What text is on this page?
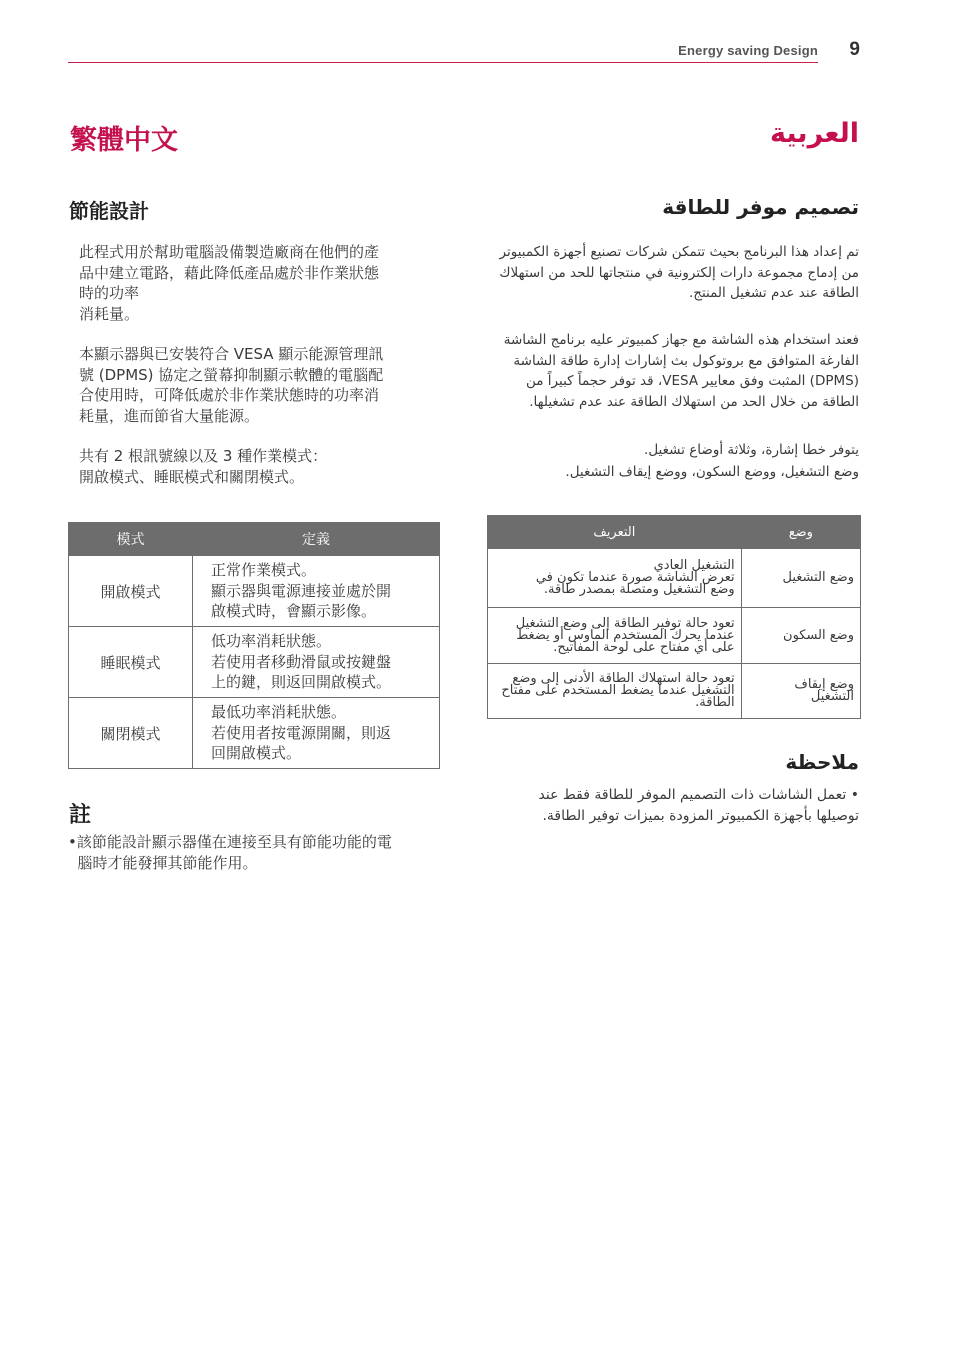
Energy saving Design 9
繁體中文
節能設計
此程式用於幫助電腦設備製造廠商在他們的產
品中建立電路，藉此降低產品處於非作業狀態
時的功率
消耗量。
本顯示器與已安裝符合 VESA 顯示能源管理訊
號 (DPMS) 協定之螢幕抑制顯示軟體的電腦配
合使用時，可降低處於非作業狀態時的功率消
耗量，進而節省大量能源。
共有 2 根訊號線以及 3 種作業模式：
開啟模式、睡眠模式和關閉模式。
模式	定義
開啟模式	正常作業模式。
顯示器與電源連接並處於開
啟模式時，會顯示影像。

睡眠模式	低功率消耗狀態。
若使用者移動滑鼠或按鍵盤
上的鍵，則返回開啟模式。

關閉模式	最低功率消耗狀態。
若使用者按電源開關，則返
回開啟模式。
註
•該節能設計顯示器僅在連接至具有節能功能的電
腦時才能發揮其節能作用。
العربية
تصميم موفر للطاقة
تم إعداد هذا البرنامج بحيث تتمكن شركات تصنيع أجهزة الكمبيوتر
من إدماج مجموعة دارات إلكترونية في منتجاتها للحد من استهلاك
الطاقة عند عدم تشغيل المنتج.
فعند استخدام هذه الشاشة مع جهاز كمبيوتر عليه برنامج الشاشة
الفارغة المتوافق مع بروتوكول بث إشارات إدارة طاقة الشاشة
(DPMS) المثبت وفق معايير VESA، قد توفر حجماً كبيراً من
الطاقة من خلال الحد من استهلاك الطاقة عند عدم تشغيلها.
يتوفر خطا إشارة، وثلاثة أوضاع تشغيل.
وضع التشغيل، ووضع السكون، ووضع إيقاف التشغيل.
التعريف	وضع

التشغيل العادي
تعرض الشاشة صورة عندما تكون في
وضع التشغيل ومتصلة بمصدر طاقة.	وضع التشغيل

تعود حالة توفير الطاقة إلى وضع التشغيل
عندما يحرك المستخدم الماوس أو يضغط
على أي مفتاح على لوحة المفاتيح.	وضع السكون

تعود حالة استهلاك الطاقة الأدنى إلى وضع
التشغيل عندما يضغط المستخدم على مفتاح
الطاقة.	وضع إيقاف التشغيل
ملاحظة
• تعمل الشاشات ذات التصميم الموفر للطاقة فقط عند
توصيلها بأجهزة الكمبيوتر المزودة بميزات توفير الطاقة.
